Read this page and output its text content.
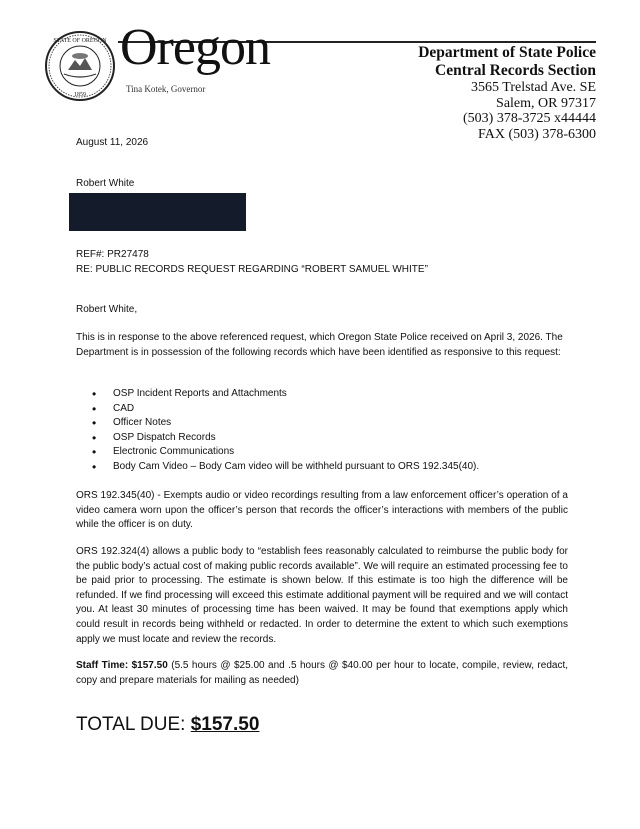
STATE OF OREGON
1859
Oregon
Tina Kotek, Governor
Department of State Police
Central Records Section
3565 Trelstad Ave. SE
Salem, OR 97317
(503) 378-3725 x44444
FAX (503) 378-6300
August 11, 2026
Robert White

REF#: PR27478

RE: PUBLIC RECORDS REQUEST REGARDING “ROBERT SAMUEL WHITE”

Robert White,

This is in response to the above referenced request, which Oregon State Police received on April 3, 2026. The Department is in possession of the following records which have been identified as responsive to this request:

• OSP Incident Reports and Attachments
• CAD
• Officer Notes
• OSP Dispatch Records
• Electronic Communications
• Body Cam Video – Body Cam video will be withheld pursuant to ORS 192.345(40).

ORS 192.345(40) - Exempts audio or video recordings resulting from a law enforcement officer’s operation of a video camera worn upon the officer’s person that records the officer’s interactions with members of the public while the officer is on duty.

ORS 192.324(4) allows a public body to “establish fees reasonably calculated to reimburse the public body for the public body’s actual cost of making public records available”. We will require an estimated processing fee to be paid prior to processing. The estimate is shown below. If this estimate is too high the difference will be refunded. If we find processing will exceed this estimate additional payment will be required and we will contact you. At least 30 minutes of processing time has been waived. It may be found that exemptions apply which could result in records being withheld or redacted. In order to determine the extent to which such exemptions apply we must locate and review the records.

Staff Time: $157.50 (5.5 hours @ $25.00 and .5 hours @ $40.00 per hour to locate, compile, review, redact, copy and prepare materials for mailing as needed)

TOTAL DUE: $157.50
